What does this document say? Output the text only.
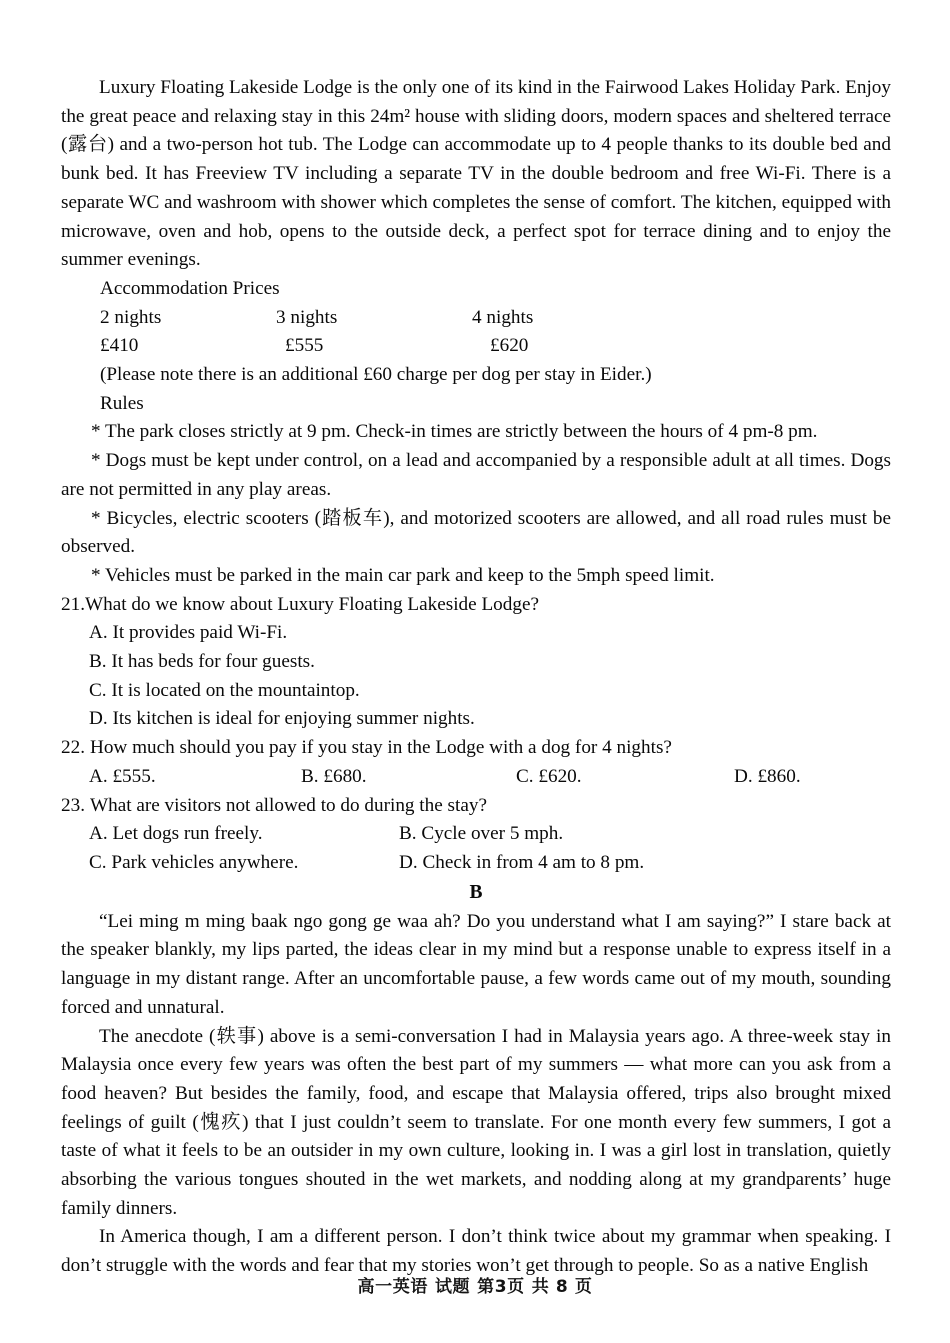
Luxury Floating Lakeside Lodge is the only one of its kind in the Fairwood Lakes Holiday Park. Enjoy the great peace and relaxing stay in this 24m² house with sliding doors, modern spaces and sheltered terrace (露台) and a two-person hot tub. The Lodge can accommodate up to 4 people thanks to its double bed and bunk bed. It has Freeview TV including a separate TV in the double bedroom and free Wi-Fi. There is a separate WC and washroom with shower which completes the sense of comfort. The kitchen, equipped with microwave, oven and hob, opens to the outside deck, a perfect spot for terrace dining and to enjoy the summer evenings.

Accommodation Prices

2 nights	3 nights	4 nights
£410	£555	£620

(Please note there is an additional £60 charge per dog per stay in Eider.)

Rules

* The park closes strictly at 9 pm. Check-in times are strictly between the hours of 4 pm-8 pm.

* Dogs must be kept under control, on a lead and accompanied by a responsible adult at all times. Dogs are not permitted in any play areas.

* Bicycles, electric scooters (踏板车), and motorized scooters are allowed, and all road rules must be observed.

* Vehicles must be parked in the main car park and keep to the 5mph speed limit.

21.What do we know about Luxury Floating Lakeside Lodge?

A. It provides paid Wi-Fi.

B. It has beds for four guests.

C. It is located on the mountaintop.

D. Its kitchen is ideal for enjoying summer nights.

22. How much should you pay if you stay in the Lodge with a dog for 4 nights?

A. £555.	B. £680.	C. £620.	D. £860.

23. What are visitors not allowed to do during the stay?

A. Let dogs run freely.	B. Cycle over 5 mph.
C. Park vehicles anywhere.	D. Check in from 4 am to 8 pm.

B

“Lei ming m ming baak ngo gong ge waa ah? Do you understand what I am saying?” I stare back at the speaker blankly, my lips parted, the ideas clear in my mind but a response unable to express itself in a language in my distant range. After an uncomfortable pause, a few words came out of my mouth, sounding forced and unnatural.

The anecdote (轶事) above is a semi-conversation I had in Malaysia years ago. A three-week stay in Malaysia once every few years was often the best part of my summers — what more can you ask from a food heaven? But besides the family, food, and escape that Malaysia offered, trips also brought mixed feelings of guilt (愧疚) that I just couldn’t seem to translate. For one month every few summers, I got a taste of what it feels to be an outsider in my own culture, looking in. I was a girl lost in translation, quietly absorbing the various tongues shouted in the wet markets, and nodding along at my grandparents’ huge family dinners.

In America though, I am a different person. I don’t think twice about my grammar when speaking. I don’t struggle with the words and fear that my stories won’t get through to people. So as a native English

高一英语 试题 第3页 共 8 页
